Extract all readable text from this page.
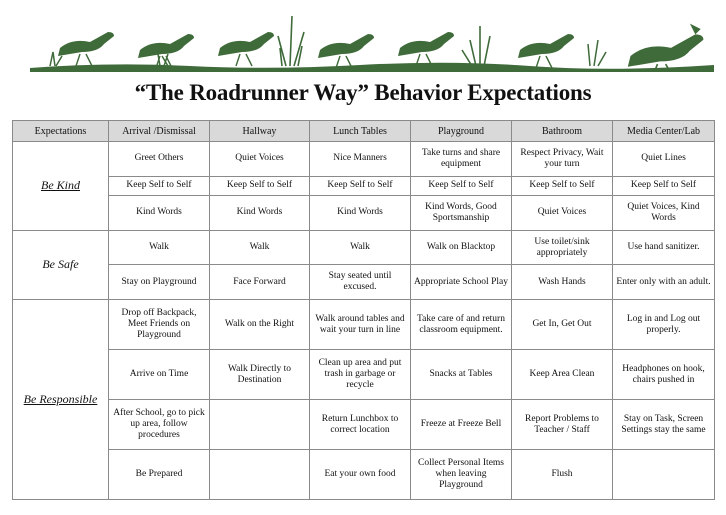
“The Roadrunner Way” Behavior Expectations
Expectations	Arrival /Dismissal	Hallway	Lunch Tables	Playground	Bathroom	Media Center/Lab
Be Kind	Greet Others	Quiet Voices	Nice Manners	Take turns and share equipment	Respect Privacy, Wait your turn	Quiet Lines
	Keep Self to Self	Keep Self to Self	Keep Self to Self	Keep Self to Self	Keep Self to Self	Keep Self to Self
	Kind Words	Kind Words	Kind Words	Kind Words, Good Sportsmanship	Quiet Voices	Quiet Voices, Kind Words
Be Safe	Walk	Walk	Walk	Walk on Blacktop	Use toilet/sink appropriately	Use hand sanitizer.
	Stay on Playground	Face Forward	Stay seated until excused.	Appropriate School Play	Wash Hands	Enter only with an adult.
Be Responsible	Drop off Backpack, Meet Friends on Playground	Walk on the Right	Walk around tables and wait your turn in line	Take care of and return classroom equipment.	Get In, Get Out	Log in and Log out properly.
	Arrive on Time	Walk Directly to Destination	Clean up area and put trash in garbage or recycle	Snacks at Tables	Keep Area Clean	Headphones on hook, chairs pushed in
	After School, go to pick up area, follow procedures		Return Lunchbox to correct location	Freeze at Freeze Bell	Report Problems to Teacher / Staff	Stay on Task, Screen Settings stay the same
	Be Prepared		Eat your own food	Collect Personal Items when leaving Playground	Flush	
